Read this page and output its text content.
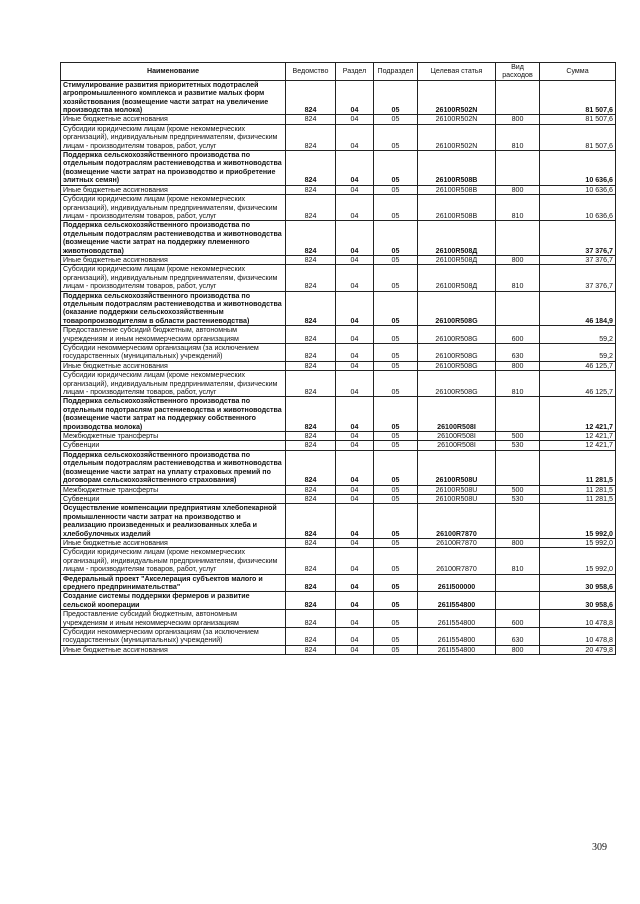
Наименование	Ведомство	Раздел	Подраздел	Целевая статья	Вид расходов	Сумма
Стимулирование развития приоритетных подотраслей агропромышленного комплекса и развитие малых форм хозяйствования (возмещение части затрат на увеличение производства молока)	824	04	05	26100R502N		81 507,6
Иные бюджетные ассигнования	824	04	05	26100R502N	800	81 507,6
Субсидии юридическим лицам (кроме некоммерческих организаций), индивидуальным предпринимателям, физическим лицам - производителям товаров, работ, услуг	824	04	05	26100R502N	810	81 507,6
Поддержка сельскохозяйственного производства по отдельным подотраслям растениеводства и животноводства (возмещение части затрат на производство и приобретение элитных семян)	824	04	05	26100R508B		10 636,6
Иные бюджетные ассигнования	824	04	05	26100R508B	800	10 636,6
Субсидии юридическим лицам (кроме некоммерческих организаций), индивидуальным предпринимателям, физическим лицам - производителям товаров, работ, услуг	824	04	05	26100R508B	810	10 636,6
Поддержка сельскохозяйственного производства по отдельным подотраслям растениеводства и животноводства (возмещение части затрат на поддержку племенного животноводства)	824	04	05	26100R508Д		37 376,7
Иные бюджетные ассигнования	824	04	05	26100R508Д	800	37 376,7
Субсидии юридическим лицам (кроме некоммерческих организаций), индивидуальным предпринимателям, физическим лицам - производителям товаров, работ, услуг	824	04	05	26100R508Д	810	37 376,7
Поддержка сельскохозяйственного производства по отдельным подотраслям растениеводства и животноводства (оказание поддержки сельскохозяйственным товаропроизводителям в области растениеводства)	824	04	05	26100R508G		46 184,9
Предоставление субсидий бюджетным, автономным учреждениям и иным некоммерческим организациям	824	04	05	26100R508G	600	59,2
Субсидии некоммерческим организациям (за исключением государственных (муниципальных) учреждений)	824	04	05	26100R508G	630	59,2
Иные бюджетные ассигнования	824	04	05	26100R508G	800	46 125,7
Субсидии юридическим лицам (кроме некоммерческих организаций), индивидуальным предпринимателям, физическим лицам - производителям товаров, работ, услуг	824	04	05	26100R508G	810	46 125,7
Поддержка сельскохозяйственного производства по отдельным подотраслям растениеводства и животноводства (возмещение части затрат на поддержку собственного производства молока)	824	04	05	26100R508I		12 421,7
Межбюджетные трансферты	824	04	05	26100R508I	500	12 421,7
Субвенции	824	04	05	26100R508I	530	12 421,7
Поддержка сельскохозяйственного производства по отдельным подотраслям растениеводства и животноводства (возмещение части затрат на уплату страховых премий по договорам сельскохозяйственного страхования)	824	04	05	26100R508U		11 281,5
Межбюджетные трансферты	824	04	05	26100R508U	500	11 281,5
Субвенции	824	04	05	26100R508U	530	11 281,5
Осуществление компенсации предприятиям хлебопекарной промышленности части затрат на производство и реализацию произведенных и реализованных хлеба и хлебобулочных изделий	824	04	05	26100R7870		15 992,0
Иные бюджетные ассигнования	824	04	05	26100R7870	800	15 992,0
Субсидии юридическим лицам (кроме некоммерческих организаций), индивидуальным предпринимателям, физическим лицам - производителям товаров, работ, услуг	824	04	05	26100R7870	810	15 992,0
Федеральный проект "Акселерация субъектов малого и среднего предпринимательства"	824	04	05	261I500000		30 958,6
Создание системы поддержки фермеров и развитие сельской кооперации	824	04	05	261I554800		30 958,6
Предоставление субсидий бюджетным, автономным учреждениям и иным некоммерческим организациям	824	04	05	261I554800	600	10 478,8
Субсидии некоммерческим организациям (за исключением государственных (муниципальных) учреждений)	824	04	05	261I554800	630	10 478,8
Иные бюджетные ассигнования	824	04	05	261I554800	800	20 479,8
309
